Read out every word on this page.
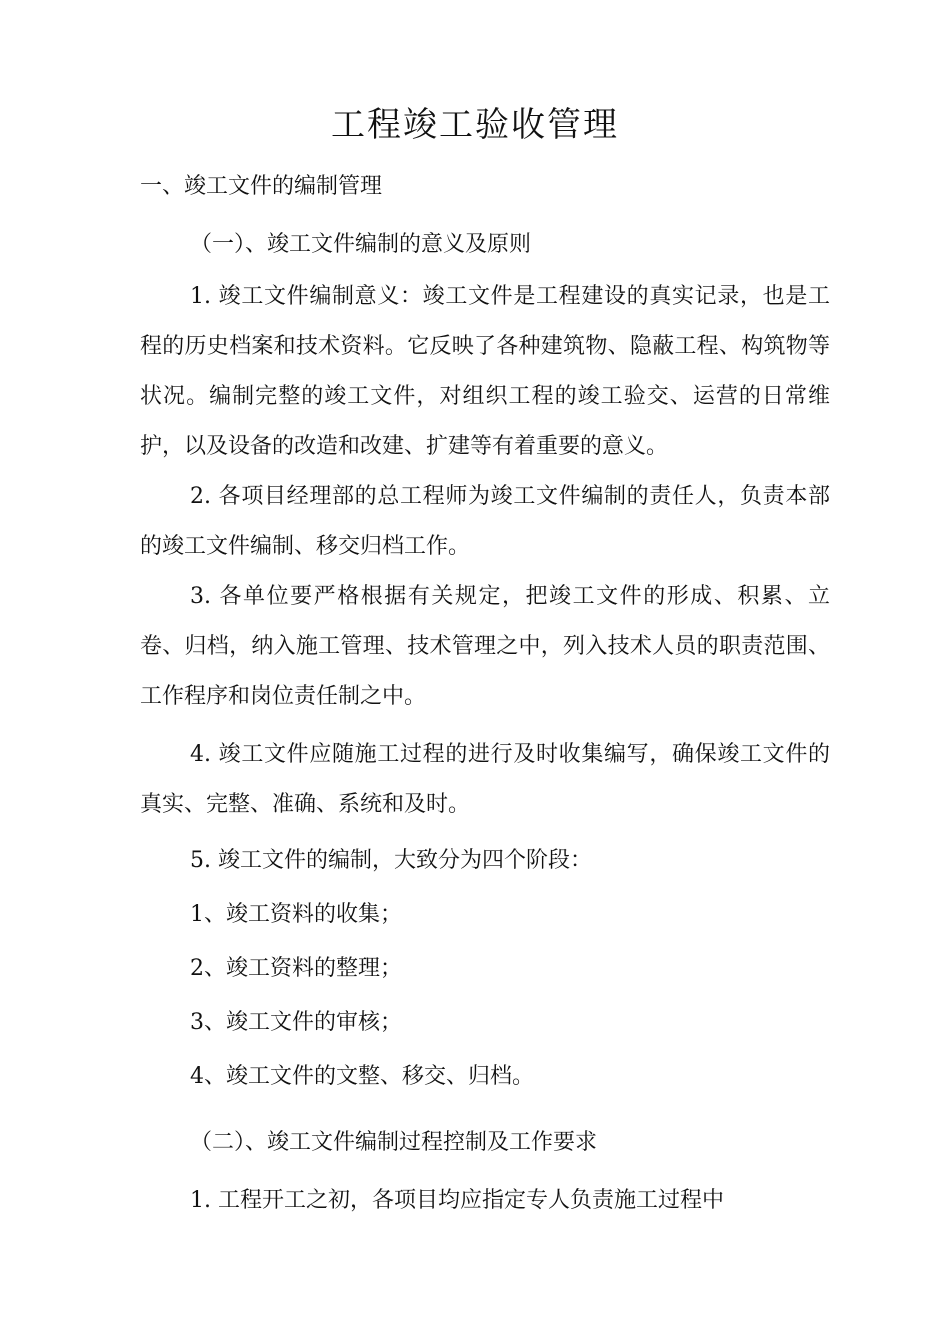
工程竣工验收管理
一、竣工文件的编制管理
（一）、竣工文件编制的意义及原则
1. 竣工文件编制意义：竣工文件是工程建设的真实记录，也是工程的历史档案和技术资料。它反映了各种建筑物、隐蔽工程、构筑物等状况。编制完整的竣工文件，对组织工程的竣工验交、运营的日常维护，以及设备的改造和改建、扩建等有着重要的意义。
2. 各项目经理部的总工程师为竣工文件编制的责任人，负责本部的竣工文件编制、移交归档工作。
3. 各单位要严格根据有关规定，把竣工文件的形成、积累、立卷、归档，纳入施工管理、技术管理之中，列入技术人员的职责范围、工作程序和岗位责任制之中。
4. 竣工文件应随施工过程的进行及时收集编写，确保竣工文件的真实、完整、准确、系统和及时。
5. 竣工文件的编制，大致分为四个阶段：
1、竣工资料的收集；
2、竣工资料的整理；
3、竣工文件的审核；
4、竣工文件的文整、移交、归档。
（二）、竣工文件编制过程控制及工作要求
1. 工程开工之初，各项目均应指定专人负责施工过程中
